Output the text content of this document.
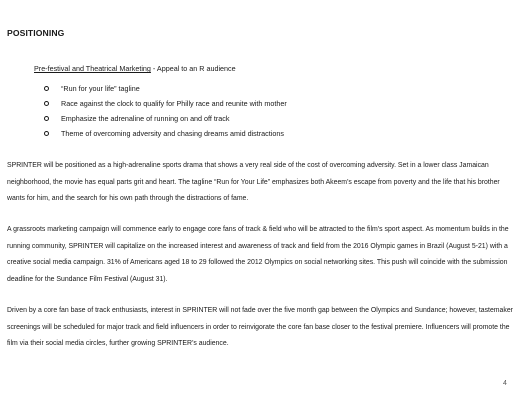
POSITIONING
Pre-festival and Theatrical Marketing - Appeal to an R audience
“Run for your life” tagline
Race against the clock to qualify for Philly race and reunite with mother
Emphasize the adrenaline of running on and off track
Theme of overcoming adversity and chasing dreams amid distractions

SPRINTER will be positioned as a high-adrenaline sports drama that shows a very real side of the cost of overcoming adversity. Set in a lower class Jamaican neighborhood, the movie has equal parts grit and heart. The tagline “Run for Your Life” emphasizes both Akeem’s escape from poverty and the life that his brother wants for him, and the search for his own path through the distractions of fame.

A grassroots marketing campaign will commence early to engage core fans of track & field who will be attracted to the film’s sport aspect. As momentum builds in the running community, SPRINTER will capitalize on the increased interest and awareness of track and field from the 2016 Olympic games in Brazil (August 5-21) with a creative social media campaign. 31% of Americans aged 18 to 29 followed the 2012 Olympics on social networking sites. This push will coincide with the submission deadline for the Sundance Film Festival (August 31).

Driven by a core fan base of track enthusiasts, interest in SPRINTER will not fade over the five month gap between the Olympics and Sundance; however, tastemaker screenings will be scheduled for major track and field influencers in order to reinvigorate the core fan base closer to the festival premiere. Influencers will promote the film via their social media circles, further growing SPRINTER’s audience.

4
